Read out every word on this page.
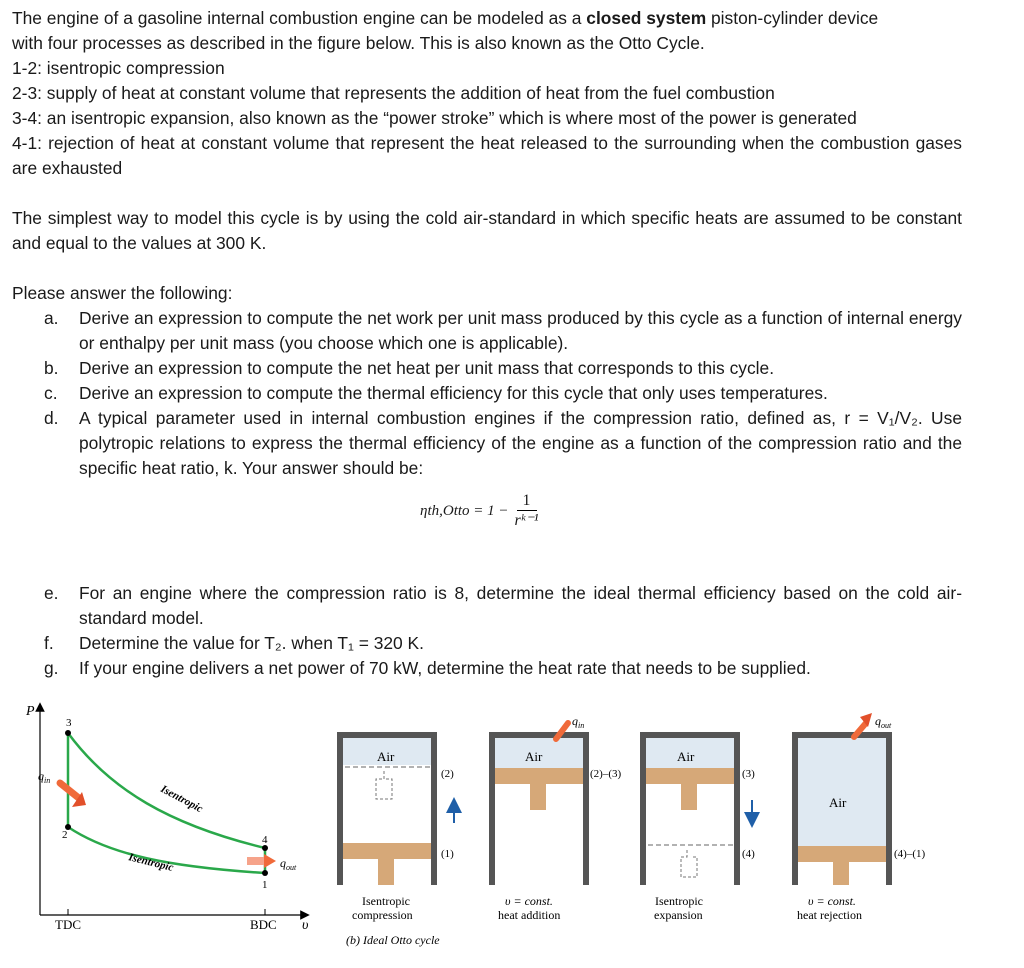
The engine of a gasoline internal combustion engine can be modeled as a closed system piston-cylinder device

with four processes as described in the figure below. This is also known as the Otto Cycle.

1-2: isentropic compression

2-3: supply of heat at constant volume that represents the addition of heat from the fuel combustion

3-4: an isentropic expansion, also known as the “power stroke” which is where most of the power is generated

4-1: rejection of heat at constant volume that represent the heat released to the surrounding when the combustion gases are exhausted

The simplest way to model this cycle is by using the cold air-standard in which specific heats are assumed to be constant and equal to the values at 300 K.

Please answer the following:

a.	Derive an expression to compute the net work per unit mass produced by this cycle as a function of internal energy or enthalpy per unit mass (you choose which one is applicable).
b.	Derive an expression to compute the net heat per unit mass that corresponds to this cycle.
c.	Derive an expression to compute the thermal efficiency for this cycle that only uses temperatures.
d.	A typical parameter used in internal combustion engines if the compression ratio, defined as, r = V₁/V₂. Use polytropic relations to express the thermal efficiency of the engine as a function of the compression ratio and the specific heat ratio, k. Your answer should be:
e.	For an engine where the compression ratio is 8, determine the ideal thermal efficiency based on the cold air-standard model.
f.	Determine the value for T₂. when T₁ = 320 K.
g.	If your engine delivers a net power of 70 kW, determine the heat rate that needs to be supplied.
ηth,Otto = $1 - \frac{1}{\text{rᵏ⁻¹}}$
P
υ
TDC	BDC
3
2	4
1
$q_{in}$
$q_{out}$
Isentropic
Isentropic
Air
(2)
(1)
Isentropic
compression
(b) Ideal Otto cycle
Air
(2)–(3)
$q_{in}$
υ = const.
heat addition
Air
(3)
(4)
Isentropic
expansion
Air
(4)–(1)
$q_{out}$
υ = const.
heat rejection
